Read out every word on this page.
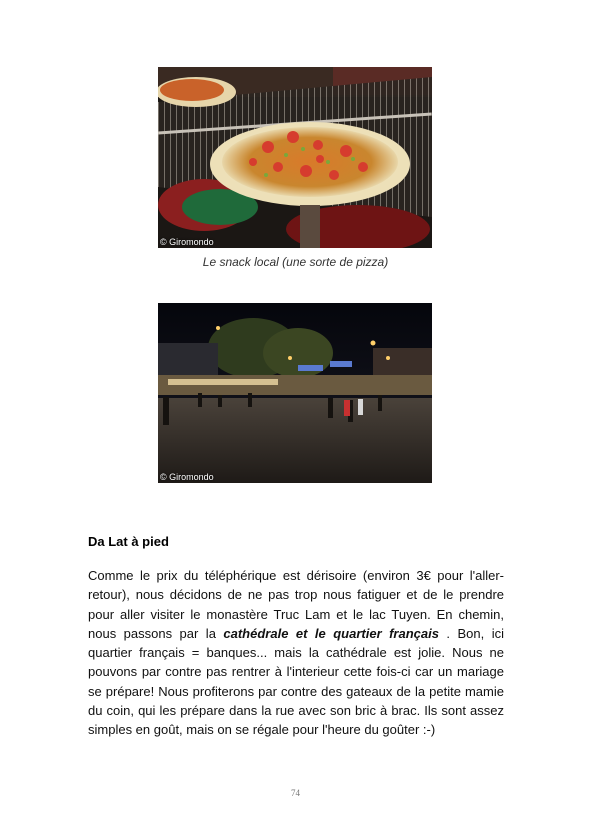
© Giromondo
Le snack local (une sorte de pizza)
© Giromondo
Da Lat à pied

Comme le prix du téléphérique est dérisoire (environ 3€ pour l'aller-retour), nous décidons de ne pas trop nous fatiguer et de le prendre pour aller visiter le monastère Truc Lam et le lac Tuyen. En chemin, nous passons par la cathédrale et le quartier français . Bon, ici quartier français = banques... mais la cathédrale est jolie. Nous ne pouvons par contre pas rentrer à l'interieur cette fois-ci car un mariage se prépare! Nous profiterons par contre des gateaux de la petite mamie du coin, qui les prépare dans la rue avec son bric à brac. Ils sont assez simples en goût, mais on se régale pour l'heure du goûter :-)

74
